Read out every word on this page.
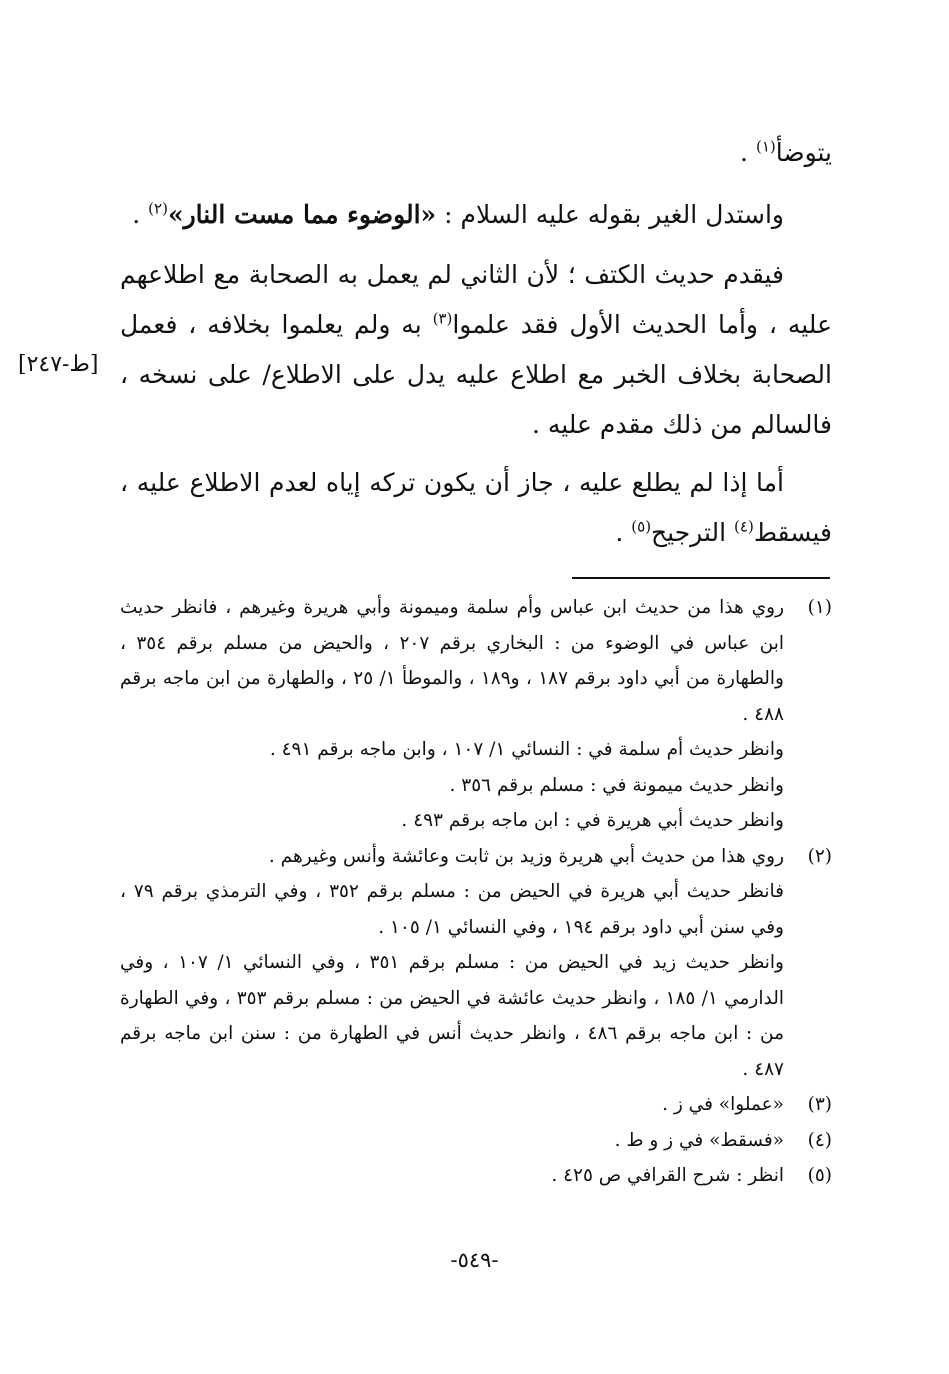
يتوضأ$^{(١)}$ .

واستدل الغير بقوله عليه السلام : «الوضوء مما مست النار»$^{(٢)}$ .

فيقدم حديث الكتف ؛ لأن الثاني لم يعمل به الصحابة مع اطلاعهم عليه ، وأما الحديث الأول فقد علموا$^{(٣)}$ به ولم يعلموا بخلافه ، فعمل الصحابة بخلاف الخبر مع اطلاع عليه يدل على الاطلاع/ على نسخه ، فالسالم من ذلك مقدم عليه .

أما إذا لم يطلع عليه ، جاز أن يكون تركه إياه لعدم الاطلاع عليه ، فيسقط$^{(٤)}$ الترجيح$^{(٥)}$ .

[ط-٢٤٧]
(١)

روي هذا من حديث ابن عباس وأم سلمة وميمونة وأبي هريرة وغيرهم ، فانظر حديث ابن عباس في الوضوء من : البخاري برقم ٢٠٧ ، والحيض من مسلم برقم ٣٥٤ ، والطهارة من أبي داود برقم ١٨٧ ، و١٨٩ ، والموطأ ١/ ٢٥ ، والطهارة من ابن ماجه برقم ٤٨٨ .

وانظر حديث أم سلمة في : النسائي ١/ ١٠٧ ، وابن ماجه برقم ٤٩١ .

وانظر حديث ميمونة في : مسلم برقم ٣٥٦ .

وانظر حديث أبي هريرة في : ابن ماجه برقم ٤٩٣ .

(٢)

روي هذا من حديث أبي هريرة وزيد بن ثابت وعائشة وأنس وغيرهم .

فانظر حديث أبي هريرة في الحيض من : مسلم برقم ٣٥٢ ، وفي الترمذي برقم ٧٩ ، وفي سنن أبي داود برقم ١٩٤ ، وفي النسائي ١/ ١٠٥ .

وانظر حديث زيد في الحيض من : مسلم برقم ٣٥١ ، وفي النسائي ١/ ١٠٧ ، وفي الدارمي ١/ ١٨٥ ، وانظر حديث عائشة في الحيض من : مسلم برقم ٣٥٣ ، وفي الطهارة من : ابن ماجه برقم ٤٨٦ ، وانظر حديث أنس في الطهارة من : سنن ابن ماجه برقم ٤٨٧ .

(٣)

«عملوا» في ز .

(٤)

«فسقط» في ز و ط .

(٥)

انظر : شرح القرافي ص ٤٢٥ .

-٥٤٩-
